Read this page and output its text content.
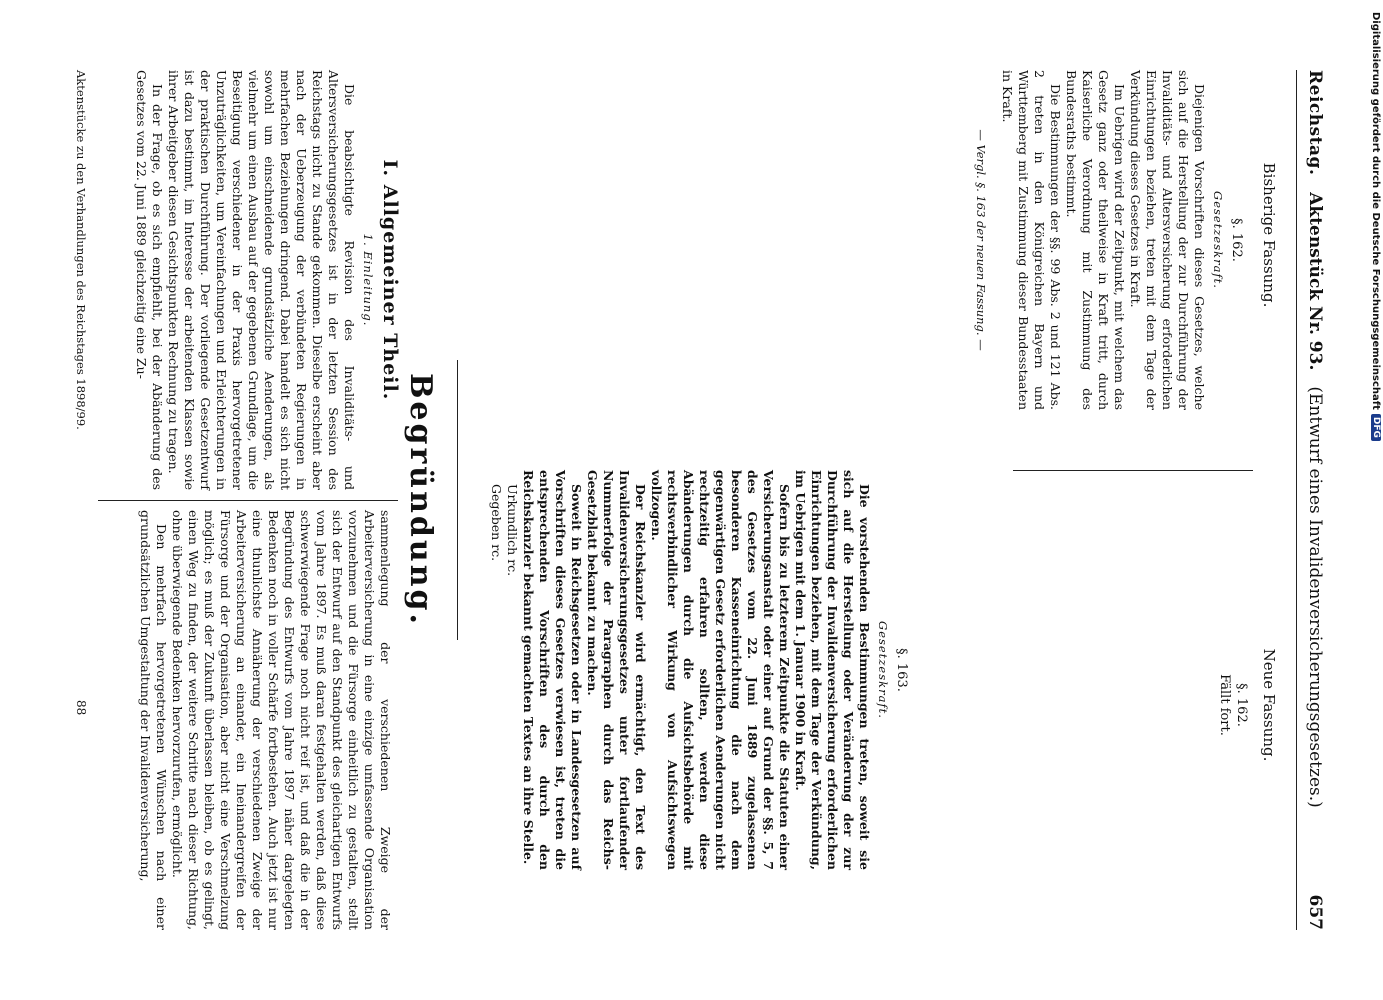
Reichstag.
Aktenstück Nr. 93.(Entwurf eines Invalidenversicherungsgesetzes.)
657
Bisherige Fassung.
Neue Fassung.
§. 162.
Gesetzeskraft.

Diejenigen Vorschriften dieses Gesetzes, welche sich auf die Herstellung der zur Durchführung der Invaliditäts- und Altersversicherung erforderlichen Einrichtungen beziehen, treten mit dem Tage der Verkündung dieses Gesetzes in Kraft.

Im Uebrigen wird der Zeitpunkt, mit welchem das Gesetz ganz oder theilweise in Kraft tritt, durch Kaiserliche Verordnung mit Zustimmung des Bundesraths bestimmt.

Die Bestimmungen der §§. 99 Abs. 2 und 121 Abs. 2 treten in den Königreichen Bayern und Württemberg mit Zustimmung dieser Bundesstaaten in Kraft.

— Vergl. §. 163 der neuen Fassung. —
§. 162.
Fällt fort.
§. 163.
Gesetzeskraft.

Die vorstehenden Bestimmungen treten, soweit sie sich auf die Herstellung oder Veränderung der zur Durchführung der Invalidenversicherung erforderlichen Einrichtungen beziehen, mit dem Tage der Verkündung, im Uebrigen mit dem 1. Januar 1900 in Kraft.

Sofern bis zu letzterem Zeitpunkte die Statuten einer Versicherungsanstalt oder einer auf Grund der §§. 5, 7 des Gesetzes vom 22. Juni 1889 zugelassenen besonderen Kasseneinrichtung die nach dem gegenwärtigen Gesetz erforderlichen Aenderungen nicht rechtzeitig erfahren sollten, werden diese Abänderungen durch die Aufsichtsbehörde mit rechtsverbindlicher Wirkung von Aufsichtswegen vollzogen.

Der Reichskanzler wird ermächtigt, den Text des Invalidenversicherungsgesetzes unter fortlaufender Nummerfolge der Paragraphen durch das Reichs-Gesetzblatt bekannt zu machen.

Soweit in Reichsgesetzen oder in Landesgesetzen auf Vorschriften dieses Gesetzes verwiesen ist, treten die entsprechenden Vorschriften des durch den Reichskanzler bekannt gemachten Textes an ihre Stelle.

Urkundlich rc.

Gegeben rc.

Begründung.
I. Allgemeiner Theil.
1. Einleitung.

Die beabsichtigte Revision des Invaliditäts- und Altersversicherungsgesetzes ist in der letzten Session des Reichstags nicht zu Stande gekommen. Dieselbe erscheint aber nach der Ueberzeugung der verbündeten Regierungen in mehrfachen Beziehungen dringend. Dabei handelt es sich nicht sowohl um einschneidende grundsätzliche Aenderungen, als vielmehr um einen Ausbau auf der gegebenen Grundlage, um die Beseitigung verschiedener in der Praxis hervorgetretener Unzuträglichkeiten, um Vereinfachungen und Erleichterungen in der praktischen Durchführung. Der vorliegende Gesetzentwurf ist dazu bestimmt, im Interesse der arbeitenden Klassen sowie ihrer Arbeitgeber diesen Gesichtspunkten Rechnung zu tragen.

In der Frage, ob es sich empfiehlt, bei der Abänderung des Gesetzes vom 22. Juni 1889 gleichzeitig eine Zu-

sammenlegung der verschiedenen Zweige der Arbeiterversicherung in eine einzige umfassende Organisation vorzunehmen und die Fürsorge einheitlich zu gestalten, stellt sich der Entwurf auf den Standpunkt des gleichartigen Entwurfs vom Jahre 1897. Es muß daran festgehalten werden, daß diese schwerwiegende Frage noch nicht reif ist, und daß die in der Begründung des Entwurfs vom Jahre 1897 näher dargelegten Bedenken noch in voller Schärfe fortbestehen. Auch jetzt ist nur eine thunlichste Annäherung der verschiedenen Zweige der Arbeiterversicherung an einander, ein Ineinandergreifen der Fürsorge und der Organisation, aber nicht eine Verschmelzung möglich; es muß der Zukunft überlassen bleiben, ob es gelingt, einen Weg zu finden, der weitere Schritte nach dieser Richtung, ohne überwiegende Bedenken hervorzurufen, ermöglicht.

Den mehrfach hervorgetretenen Wünschen nach einer grundsätzlichen Umgestaltung der Invalidenversicherung,

Aktenstücke zu den Verhandlungen des Reichstages 1898/99.
88
Digitalisierung gefördert durch die Deutsche Forschungsgemeinschaft
DFG
